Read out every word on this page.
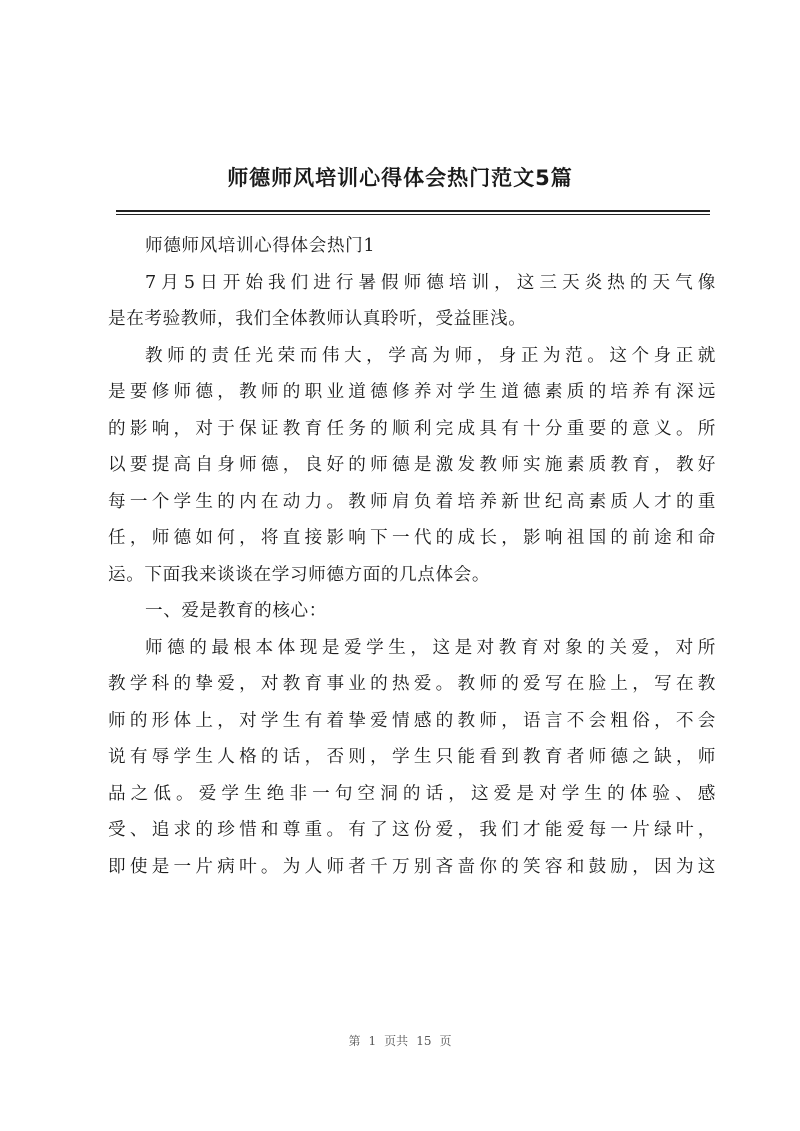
师德师风培训心得体会热门范文5篇
师德师风培训心得体会热门1
7月5日开始我们进行暑假师德培训，这三天炎热的天气像
是在考验教师，我们全体教师认真聆听，受益匪浅。
教师的责任光荣而伟大，学高为师，身正为范。这个身正就
是要修师德，教师的职业道德修养对学生道德素质的培养有深远
的影响，对于保证教育任务的顺利完成具有十分重要的意义。所
以要提高自身师德，良好的师德是激发教师实施素质教育，教好
每一个学生的内在动力。教师肩负着培养新世纪高素质人才的重
任，师德如何，将直接影响下一代的成长，影响祖国的前途和命
运。下面我来谈谈在学习师德方面的几点体会。
一、爱是教育的核心：
师德的最根本体现是爱学生，这是对教育对象的关爱，对所
教学科的挚爱，对教育事业的热爱。教师的爱写在脸上，写在教
师的形体上，对学生有着挚爱情感的教师，语言不会粗俗，不会
说有辱学生人格的话，否则，学生只能看到教育者师德之缺，师
品之低。爱学生绝非一句空洞的话，这爱是对学生的体验、感
受、追求的珍惜和尊重。有了这份爱，我们才能爱每一片绿叶，
即使是一片病叶。为人师者千万别吝啬你的笑容和鼓励，因为这
第 1 页共 15 页
